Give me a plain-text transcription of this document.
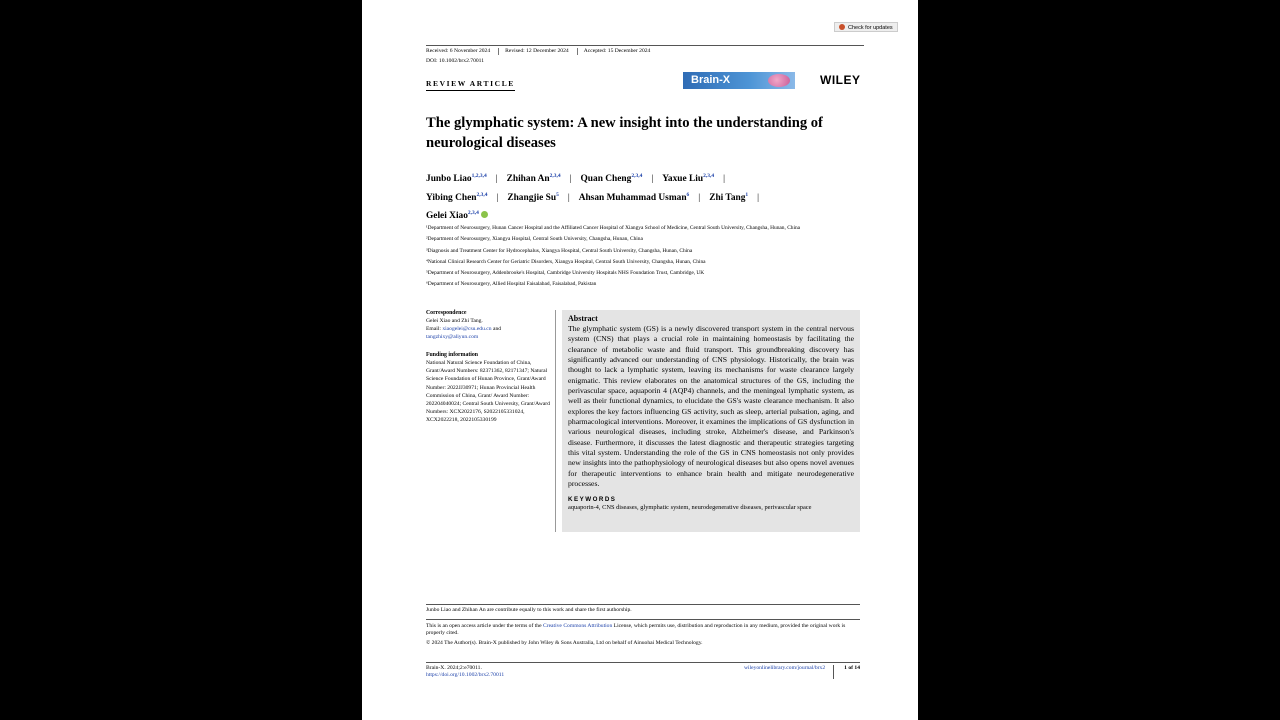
Check for updates
Received: 6 November 2024	Revised: 12 December 2024	Accepted: 15 December 2024
DOI: 10.1002/brx2.70011
REVIEW ARTICLE	Brain-X	WILEY
The glymphatic system: A new insight into the understanding of neurological diseases
Junbo Liao$^{1,2,3,4}$ | Zhihan An$^{2,3,4}$ | Quan Cheng$^{2,3,4}$ | Yaxue Liu$^{2,3,4}$ |
Yibing Chen$^{2,3,4}$ | Zhangjie Su$^5$ | Ahsan Muhammad Usman$^6$ | Zhi Tang$^1$ |
Gelei Xiao$^{2,3,4}$
¹Department of Neurosurgery, Hunan Cancer Hospital and the Affiliated Cancer Hospital of Xiangya School of Medicine, Central South University, Changsha, Hunan, China
²Department of Neurosurgery, Xiangya Hospital, Central South University, Changsha, Hunan, China
³Diagnosis and Treatment Center for Hydrocephalus, Xiangya Hospital, Central South University, Changsha, Hunan, China
⁴National Clinical Research Center for Geriatric Disorders, Xiangya Hospital, Central South University, Changsha, Hunan, China
⁵Department of Neurosurgery, Addenbrooke's Hospital, Cambridge University Hospitals NHS Foundation Trust, Cambridge, UK
⁶Department of Neurosurgery, Allied Hospital Faisalabad, Faisalabad, Pakistan
Correspondence

Gelei Xiao and Zhi Tang.
Email: xiaogelei@csu.edu.cn and
tangzhixy@aliyun.com

Funding information

National Natural Science Foundation of China, Grant/Award Numbers: 82371362, 82171347; Natural Science Foundation of Hunan Province, Grant/Award Number: 2022JJ30971; Hunan Provincial Health Commission of China, Grant/ Award Number: 202204040024; Central South University, Grant/Award Numbers: XCX2022176, S2022105331024, XCX2022218, 2022105330199

Abstract
The glymphatic system (GS) is a newly discovered transport system in the central nervous system (CNS) that plays a crucial role in maintaining homeostasis by facilitating the clearance of metabolic waste and fluid transport. This groundbreaking discovery has significantly advanced our understanding of CNS physiology. Historically, the brain was thought to lack a lymphatic system, leaving its mechanisms for waste clearance largely enigmatic. This review elaborates on the anatomical structures of the GS, including the perivascular space, aquaporin 4 (AQP4) channels, and the meningeal lymphatic system, as well as their functional dynamics, to elucidate the GS's waste clearance mechanism. It also explores the key factors influencing GS activity, such as sleep, arterial pulsation, aging, and pharmacological interventions. Moreover, it examines the implications of GS dysfunction in various neurological diseases, including stroke, Alzheimer's disease, and Parkinson's disease. Furthermore, it discusses the latest diagnostic and therapeutic strategies targeting this vital system. Understanding the role of the GS in CNS homeostasis not only provides new insights into the pathophysiology of neurological diseases but also opens novel avenues for therapeutic interventions to enhance brain health and mitigate neurodegenerative processes.
KEYWORDS
aquaporin-4, CNS diseases, glymphatic system, neurodegenerative diseases, perivascular space
Junbo Liao and Zhihan An are contribute equally to this work and share the first authorship.
This is an open access article under the terms of the Creative Commons Attribution License, which permits use, distribution and reproduction in any medium, provided the original work is properly cited.
© 2024 The Author(s). Brain-X published by John Wiley & Sons Australia, Ltd on behalf of Ainuohai Medical Technology.
Brain-X. 2024;2:e70011.
https://doi.org/10.1002/brx2.70011
wileyonlinelibrary.com/journal/brx2	1 of 14
